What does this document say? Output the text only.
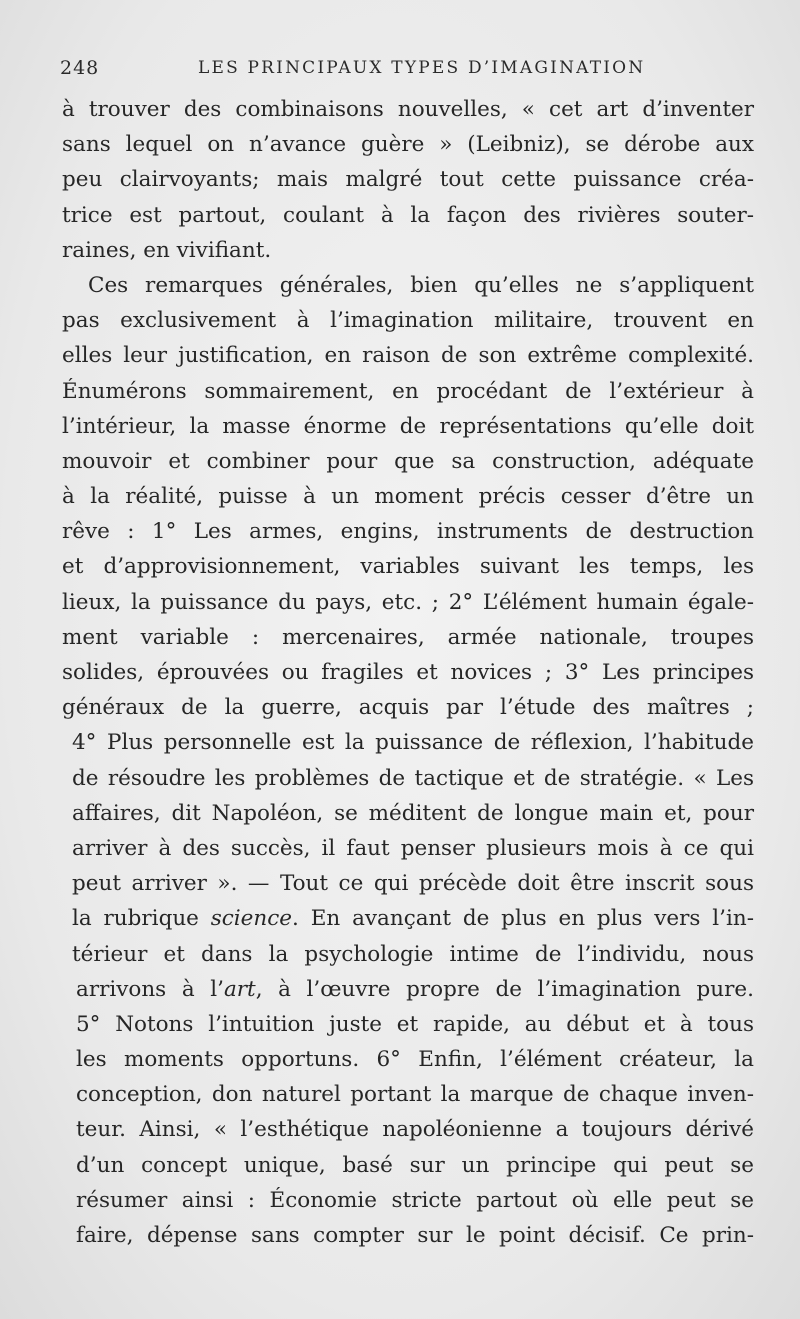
248	LES PRINCIPAUX TYPES D’IMAGINATION
à trouver des combinaisons nouvelles, « cet art d’inventer
sans lequel on n’avance guère » (Leibniz), se dérobe aux
peu clairvoyants; mais malgré tout cette puissance créa-
trice est partout, coulant à la façon des rivières souter-
raines, en vivifiant.
Ces remarques générales, bien qu’elles ne s’appliquent
pas exclusivement à l’imagination militaire, trouvent en
elles leur justification, en raison de son extrême complexité.
Énumérons sommairement, en procédant de l’extérieur à
l’intérieur, la masse énorme de représentations qu’elle doit
mouvoir et combiner pour que sa construction, adéquate
à la réalité, puisse à un moment précis cesser d’être un
rêve : 1° Les armes, engins, instruments de destruction
et d’approvisionnement, variables suivant les temps, les
lieux, la puissance du pays, etc. ; 2° L’élément humain égale-
ment variable : mercenaires, armée nationale, troupes
solides, éprouvées ou fragiles et novices ; 3° Les principes
généraux de la guerre, acquis par l’étude des maîtres ;
4° Plus personnelle est la puissance de réflexion, l’habitude
de résoudre les problèmes de tactique et de stratégie. « Les
affaires, dit Napoléon, se méditent de longue main et, pour
arriver à des succès, il faut penser plusieurs mois à ce qui
peut arriver ». — Tout ce qui précède doit être inscrit sous
la rubrique science. En avançant de plus en plus vers l’in-
térieur et dans la psychologie intime de l’individu, nous
arrivons à l’art, à l’œuvre propre de l’imagination pure.
5° Notons l’intuition juste et rapide, au début et à tous
les moments opportuns. 6° Enfin, l’élément créateur, la
conception, don naturel portant la marque de chaque inven-
teur. Ainsi, « l’esthétique napoléonienne a toujours dérivé
d’un concept unique, basé sur un principe qui peut se
résumer ainsi : Économie stricte partout où elle peut se
faire, dépense sans compter sur le point décisif. Ce prin-
